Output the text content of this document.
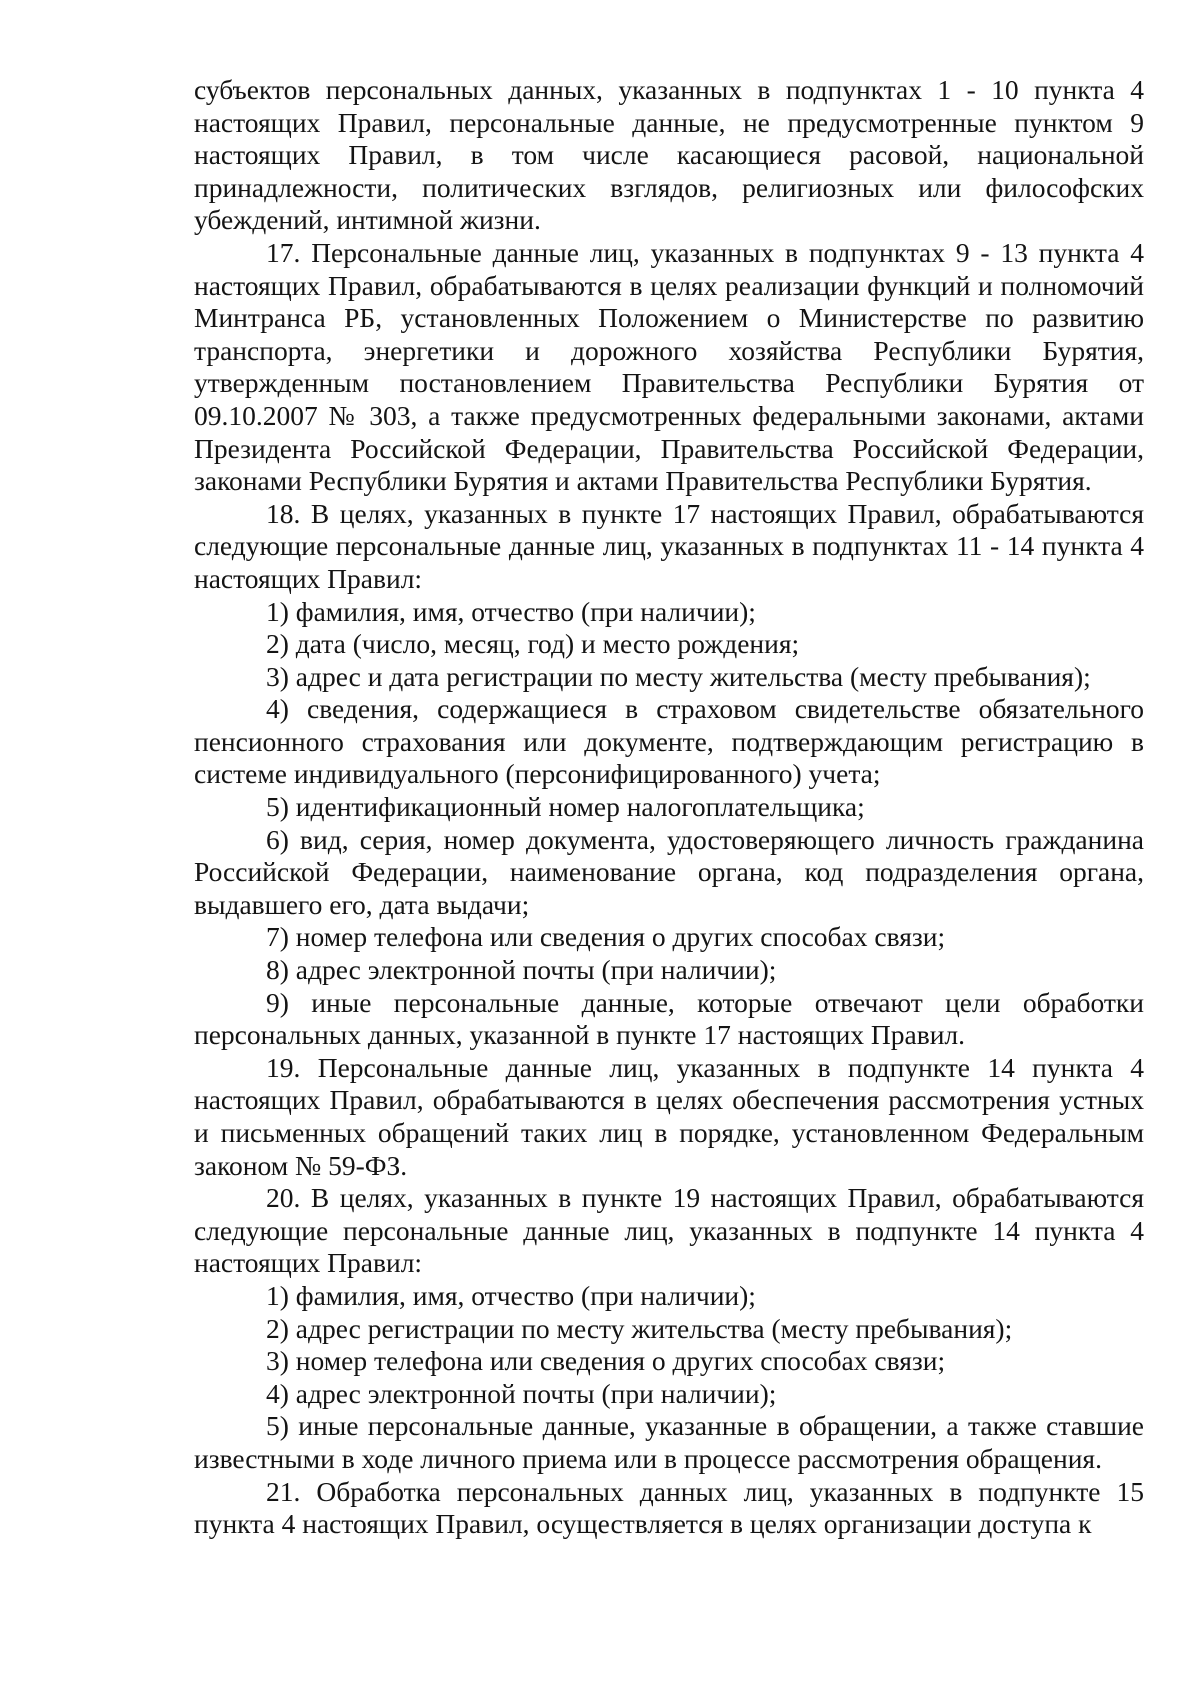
субъектов персональных данных, указанных в подпунктах 1 - 10 пункта 4 настоящих Правил, персональные данные, не предусмотренные пунктом 9 настоящих Правил, в том числе касающиеся расовой, национальной принадлежности, политических взглядов, религиозных или философских убеждений, интимной жизни.

17. Персональные данные лиц, указанных в подпунктах 9 - 13 пункта 4 настоящих Правил, обрабатываются в целях реализации функций и полномочий Минтранса РБ, установленных Положением о Министерстве по развитию транспорта, энергетики и дорожного хозяйства Республики Бурятия, утвержденным постановлением Правительства Республики Бурятия от 09.10.2007 № 303, а также предусмотренных федеральными законами, актами Президента Российской Федерации, Правительства Российской Федерации, законами Республики Бурятия и актами Правительства Республики Бурятия.

18. В целях, указанных в пункте 17 настоящих Правил, обрабатываются следующие персональные данные лиц, указанных в подпунктах 11 - 14 пункта 4 настоящих Правил:

1) фамилия, имя, отчество (при наличии);

2) дата (число, месяц, год) и место рождения;

3) адрес и дата регистрации по месту жительства (месту пребывания);

4) сведения, содержащиеся в страховом свидетельстве обязательного пенсионного страхования или документе, подтверждающим регистрацию в системе индивидуального (персонифицированного) учета;

5) идентификационный номер налогоплательщика;

6) вид, серия, номер документа, удостоверяющего личность гражданина Российской Федерации, наименование органа, код подразделения органа, выдавшего его, дата выдачи;

7) номер телефона или сведения о других способах связи;

8) адрес электронной почты (при наличии);

9) иные персональные данные, которые отвечают цели обработки персональных данных, указанной в пункте 17 настоящих Правил.

19. Персональные данные лиц, указанных в подпункте 14 пункта 4 настоящих Правил, обрабатываются в целях обеспечения рассмотрения устных и письменных обращений таких лиц в порядке, установленном Федеральным законом № 59-ФЗ.

20. В целях, указанных в пункте 19 настоящих Правил, обрабатываются следующие персональные данные лиц, указанных в подпункте 14 пункта 4 настоящих Правил:

1) фамилия, имя, отчество (при наличии);

2) адрес регистрации по месту жительства (месту пребывания);

3) номер телефона или сведения о других способах связи;

4) адрес электронной почты (при наличии);

5) иные персональные данные, указанные в обращении, а также ставшие известными в ходе личного приема или в процессе рассмотрения обращения.

21. Обработка персональных данных лиц, указанных в подпункте 15 пункта 4 настоящих Правил, осуществляется в целях организации доступа к
